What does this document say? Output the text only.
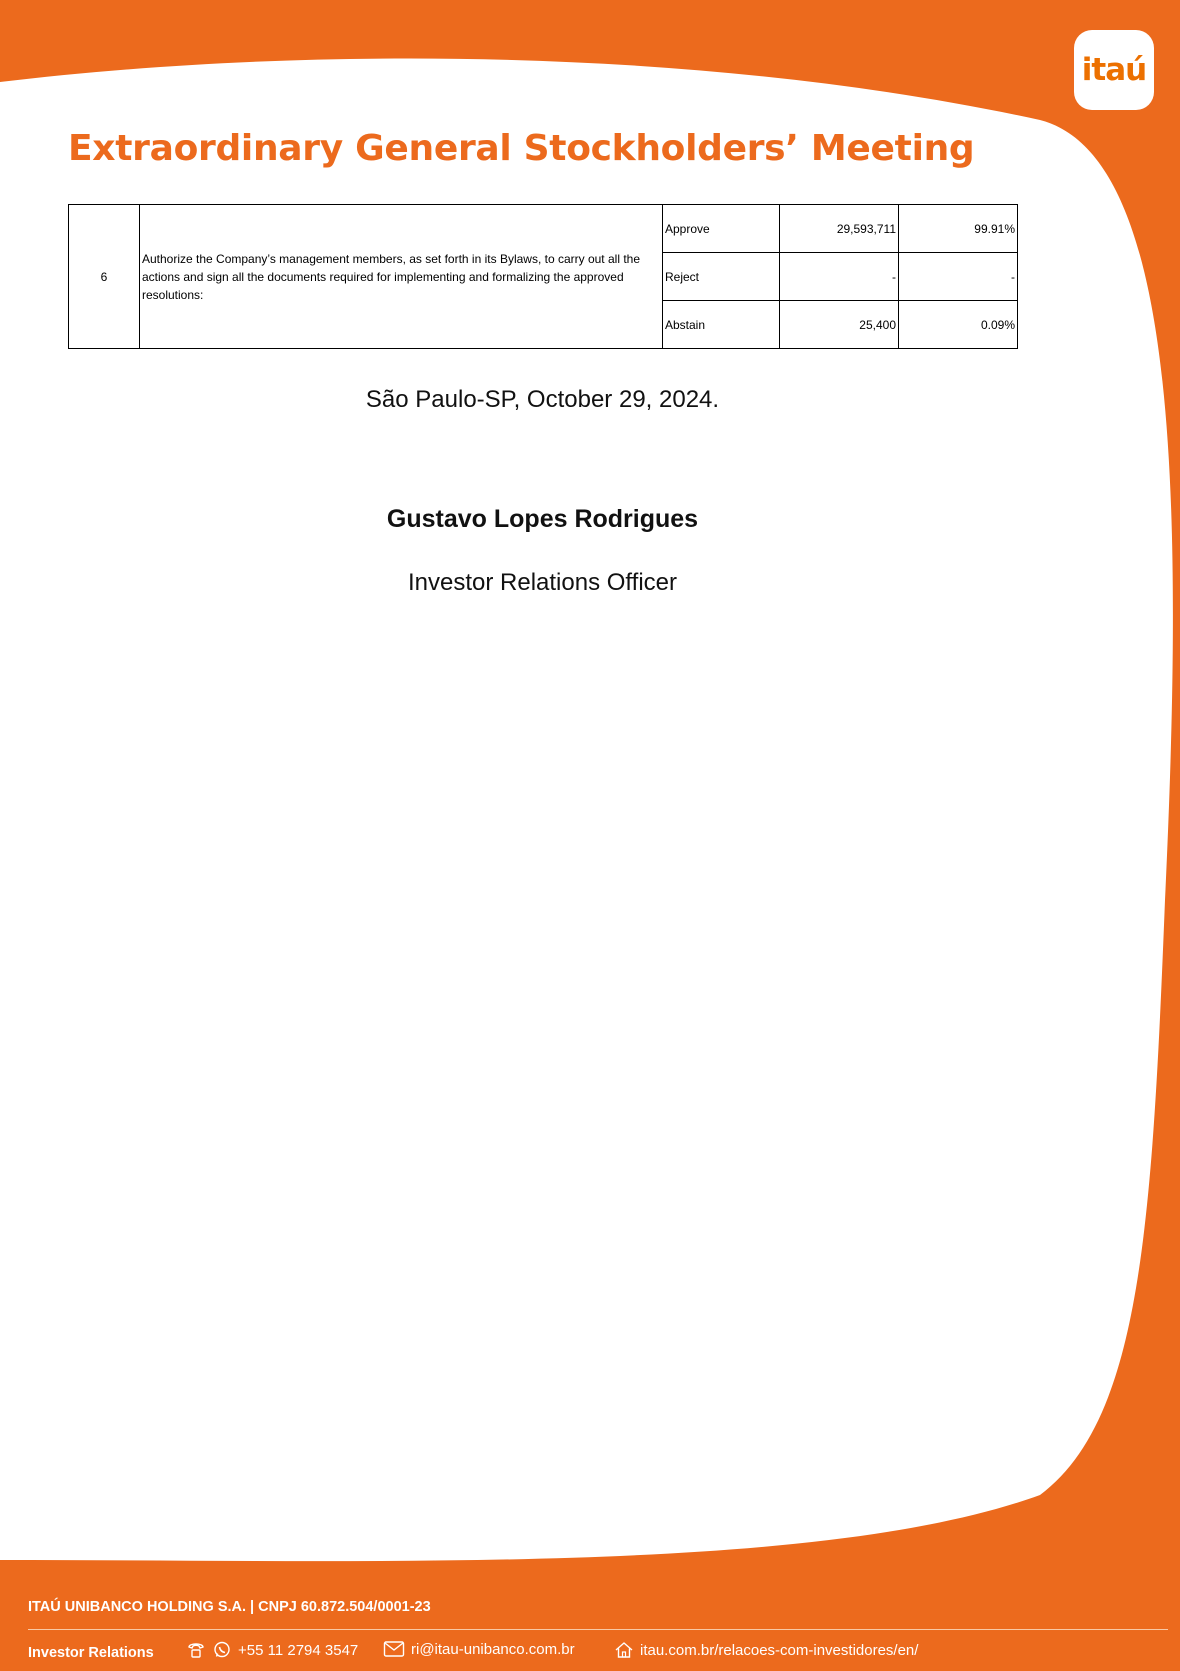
itaú
Extraordinary General Stockholders’ Meeting
6	Authorize the Company’s management members, as set forth in its Bylaws, to carry out all the actions and sign all the documents required for implementing and formalizing the approved resolutions:	Approve	29,593,711	99.91%
		Reject	-	-
		Abstain	25,400	0.09%
São Paulo-SP, October 29, 2024.
Gustavo Lopes Rodrigues
Investor Relations Officer
ITAÚ UNIBANCO HOLDING S.A. | CNPJ 60.872.504/0001-23
Investor Relations	+55 11 2794 3547	ri@itau-unibanco.com.br	itau.com.br/relacoes-com-investidores/en/
